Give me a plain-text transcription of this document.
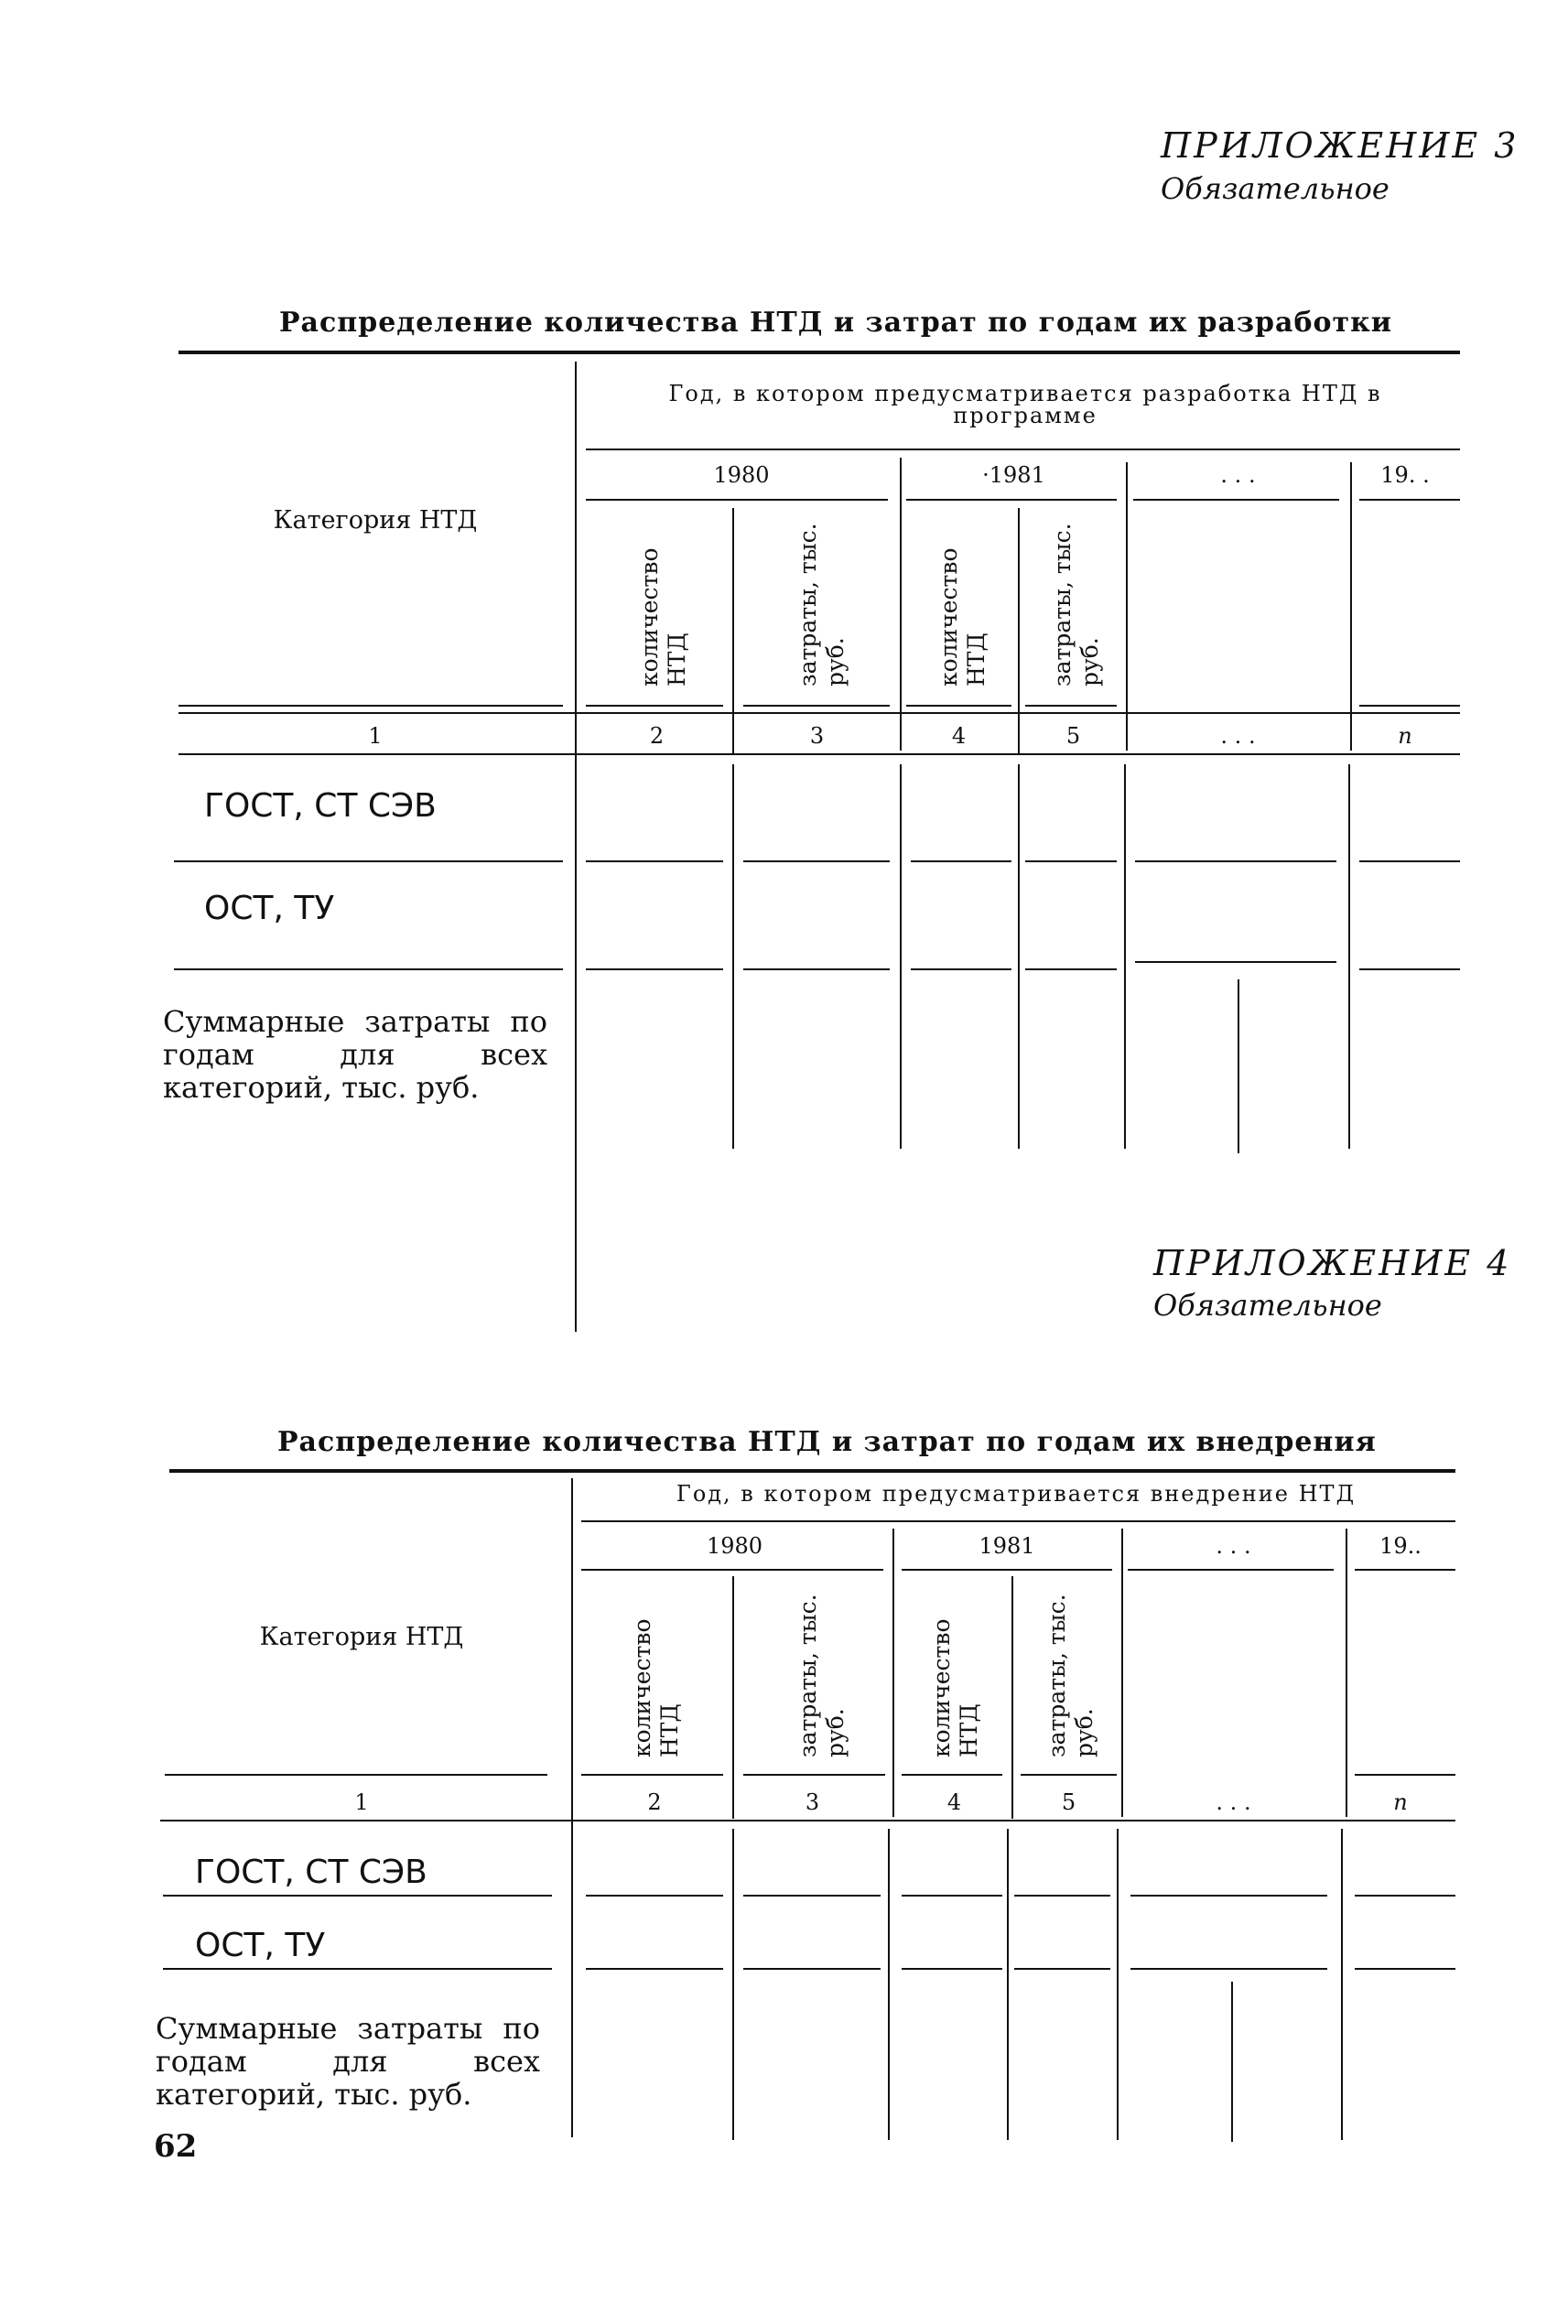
ПРИЛОЖЕНИЕ 3
Обязательное
Распределение количества НТД и затрат по годам их разработки
Год, в котором предусматривается разработка НТД в программе
1980	·1981	. . .	19. .
Категория НТД
количество НТД	затраты, тыс. руб.	количество НТД	затраты, тыс. руб.
1	2	3	4	5	. . .	n
ГОСТ, СТ СЭВ
ОСТ, ТУ
Суммарные затраты по годам для всех категорий, тыс. руб.
ПРИЛОЖЕНИЕ 4
Обязательное
Распределение количества НТД и затрат по годам их внедрения
Год, в котором предусматривается внедрение НТД
1980	1981	. . .	19..
Категория НТД	количество НТД	затраты, тыс. руб.	количество НТД	затраты, тыс. руб.
1	2	3	4	5	. . .	n
ГОСТ, СТ СЭВ
ОСТ, ТУ
Суммарные затраты по годам для всех категорий, тыс. руб.
62
